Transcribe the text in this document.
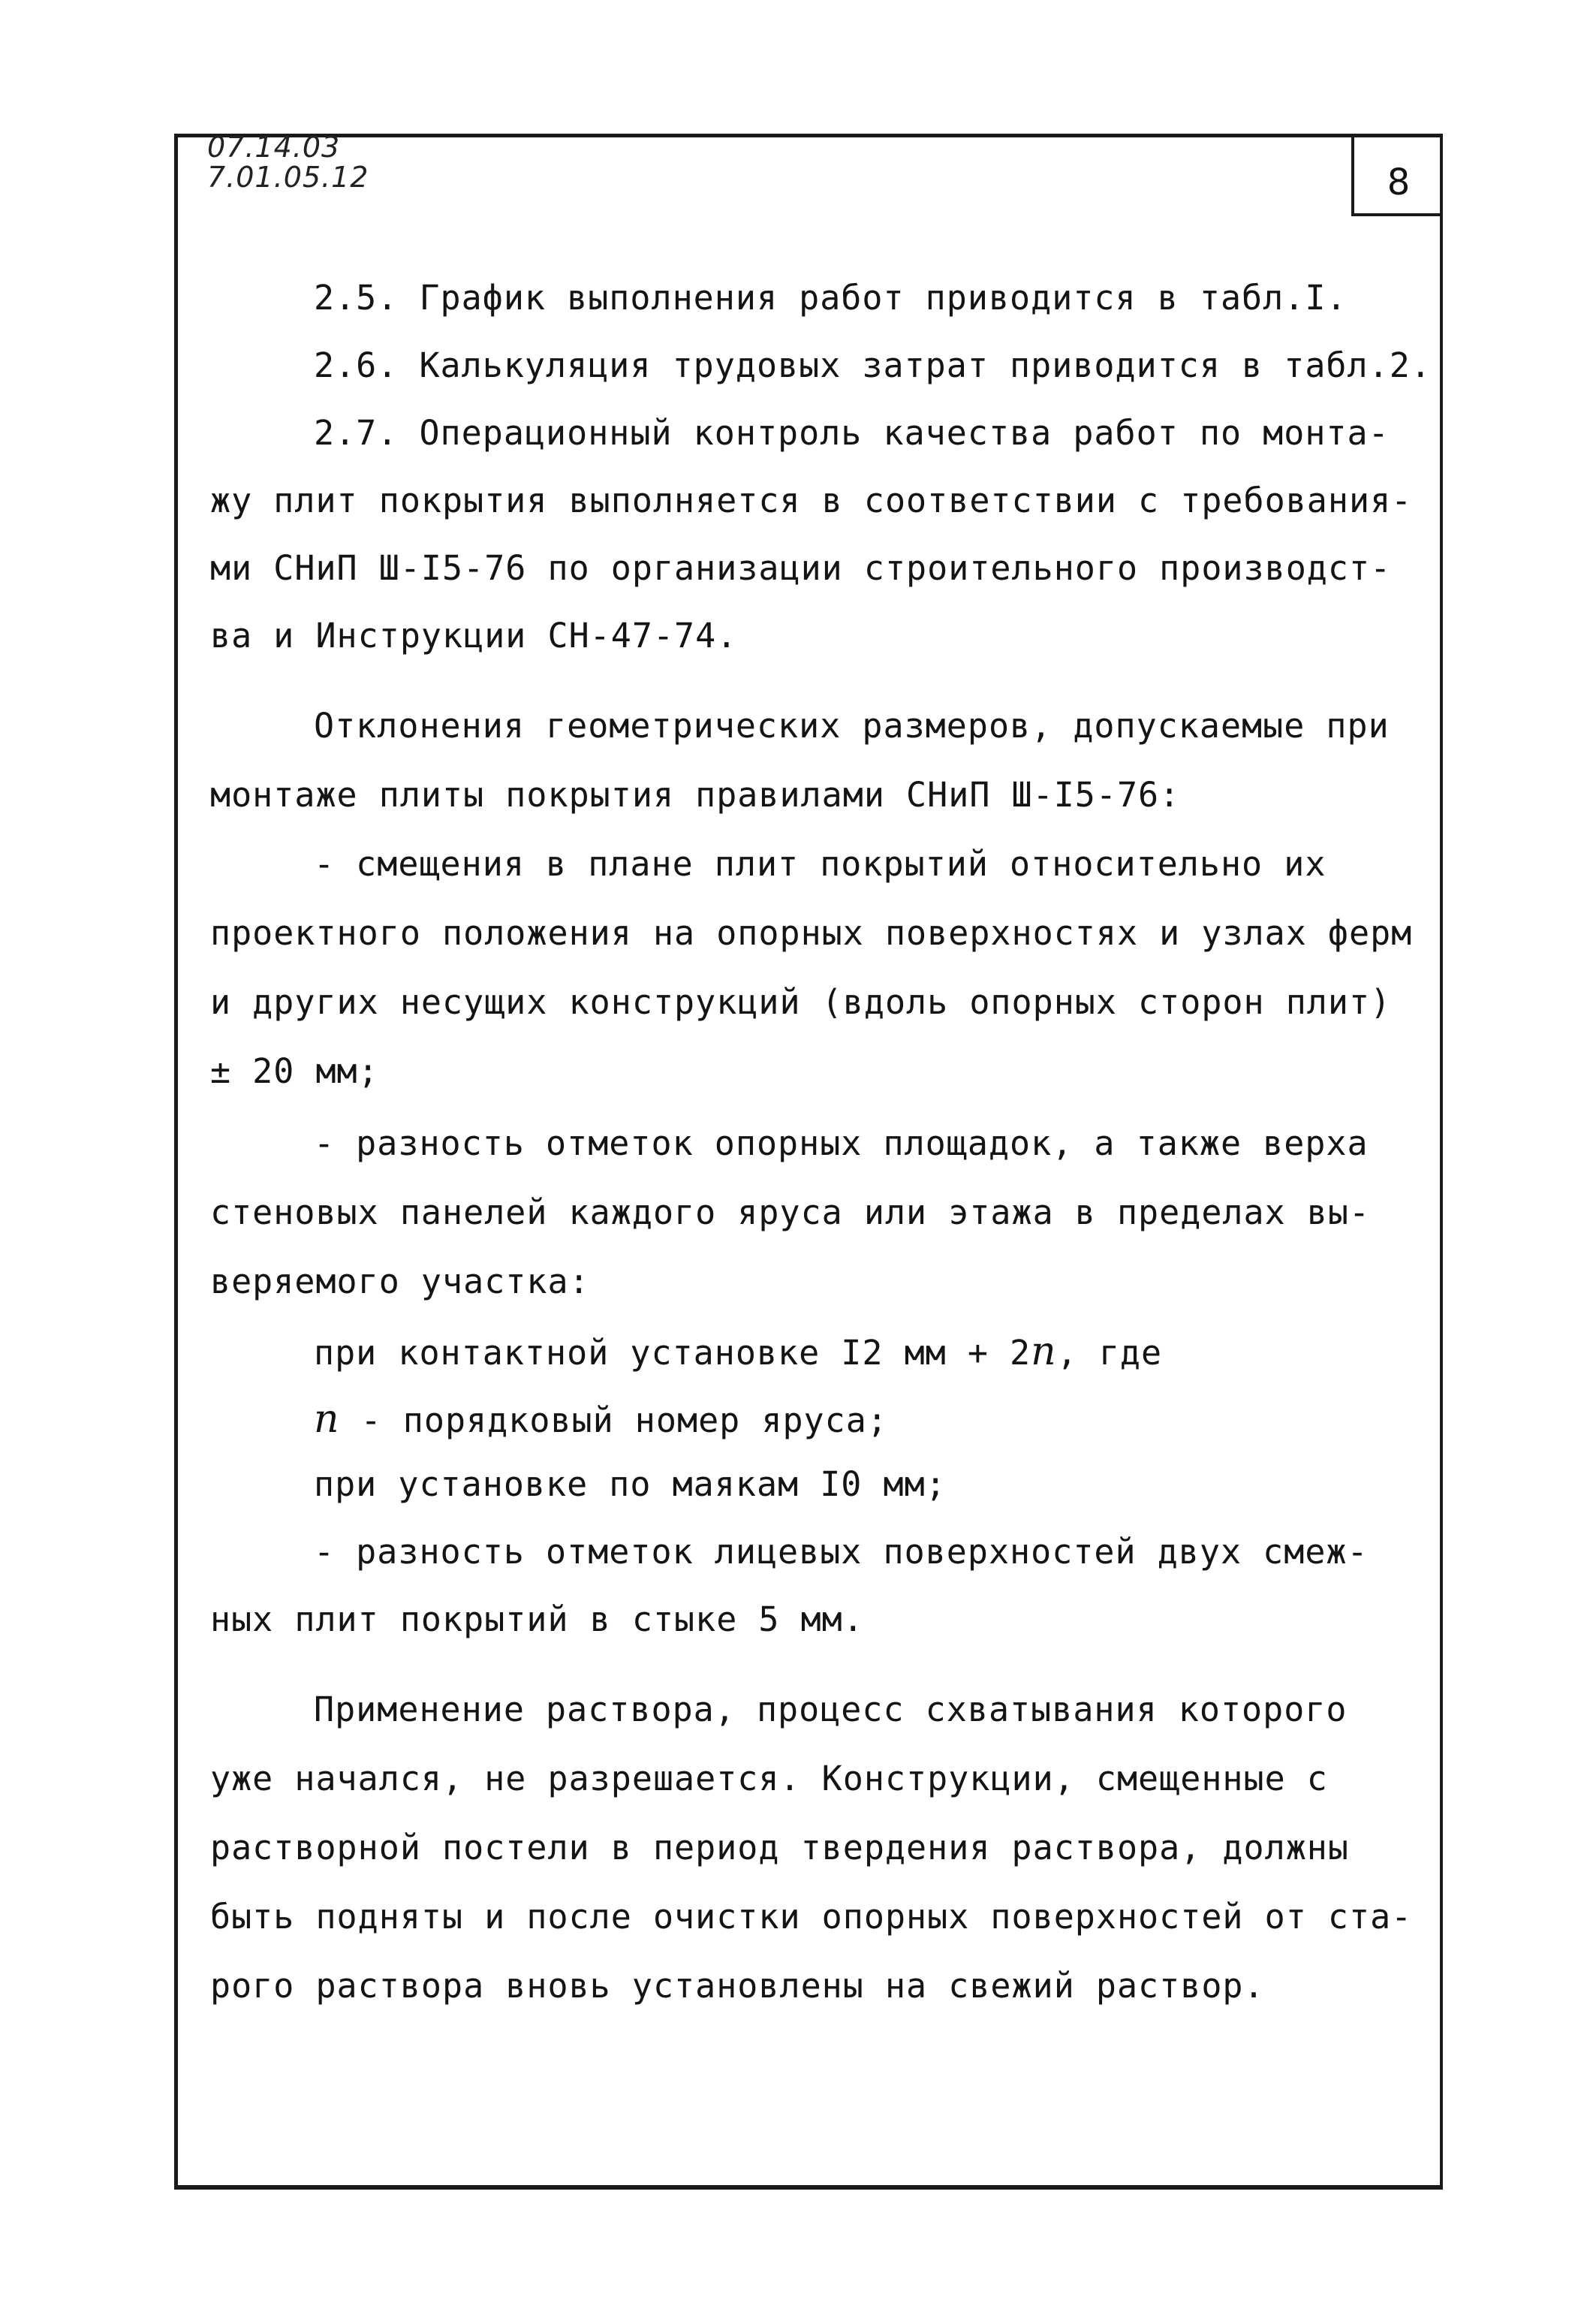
07.14.03
7.01.05.12	8
2.5. График выполнения работ приводится в табл.I.
2.6. Калькуляция трудовых затрат приводится в табл.2.
2.7. Операционный контроль качества работ по монта-
жу плит покрытия выполняется в соответствии с требования-
ми СНиП Ш-I5-76 по организации строительного производст-
ва и Инструкции СН-47-74.
Отклонения геометрических размеров, допускаемые при
монтаже плиты покрытия правилами СНиП Ш-I5-76:
- смещения в плане плит покрытий относительно их
проектного положения на опорных поверхностях и узлах ферм
и других несущих конструкций (вдоль опорных сторон плит)
± 20 мм;
- разность отметок опорных площадок, а также верха
стеновых панелей каждого яруса или этажа в пределах вы-
веряемого участка:
при контактной установке I2 мм + 2n, где
n - порядковый номер яруса;
при установке по маякам I0 мм;
- разность отметок лицевых поверхностей двух смеж-
ных плит покрытий в стыке 5 мм.
Применение раствора, процесс схватывания которого
уже начался, не разрешается. Конструкции, смещенные с
растворной постели в период твердения раствора, должны
быть подняты и после очистки опорных поверхностей от ста-
рого раствора вновь установлены на свежий раствор.
